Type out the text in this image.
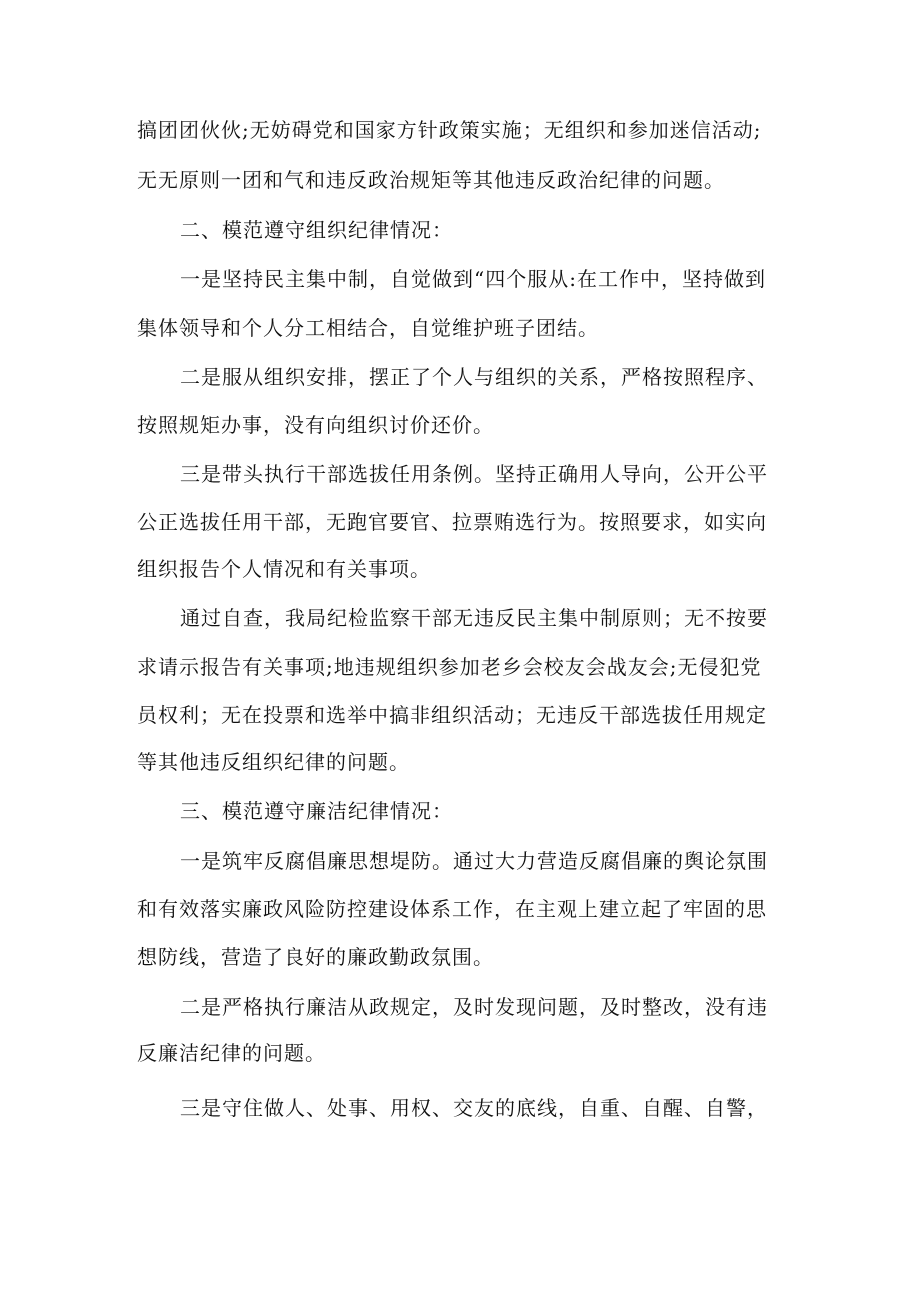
搞团团伙伙;无妨碍党和国家方针政策实施；无组织和参加迷信活动;
无无原则一团和气和违反政治规矩等其他违反政治纪律的问题。
二、模范遵守组织纪律情况：
一是坚持民主集中制，自觉做到“四个服从:在工作中，坚持做到
集体领导和个人分工相结合，自觉维护班子团结。
二是服从组织安排，摆正了个人与组织的关系，严格按照程序、
按照规矩办事，没有向组织讨价还价。
三是带头执行干部选拔任用条例。坚持正确用人导向，公开公平
公正选拔任用干部，无跑官要官、拉票贿选行为。按照要求，如实向
组织报告个人情况和有关事项。
通过自查，我局纪检监察干部无违反民主集中制原则；无不按要
求请示报告有关事项;地违规组织参加老乡会校友会战友会;无侵犯党
员权利；无在投票和选举中搞非组织活动；无违反干部选拔任用规定
等其他违反组织纪律的问题。
三、模范遵守廉洁纪律情况：
一是筑牢反腐倡廉思想堤防。通过大力营造反腐倡廉的舆论氛围
和有效落实廉政风险防控建设体系工作，在主观上建立起了牢固的思
想防线，营造了良好的廉政勤政氛围。
二是严格执行廉洁从政规定，及时发现问题，及时整改，没有违
反廉洁纪律的问题。
三是守住做人、处事、用权、交友的底线，自重、自醒、自警，
